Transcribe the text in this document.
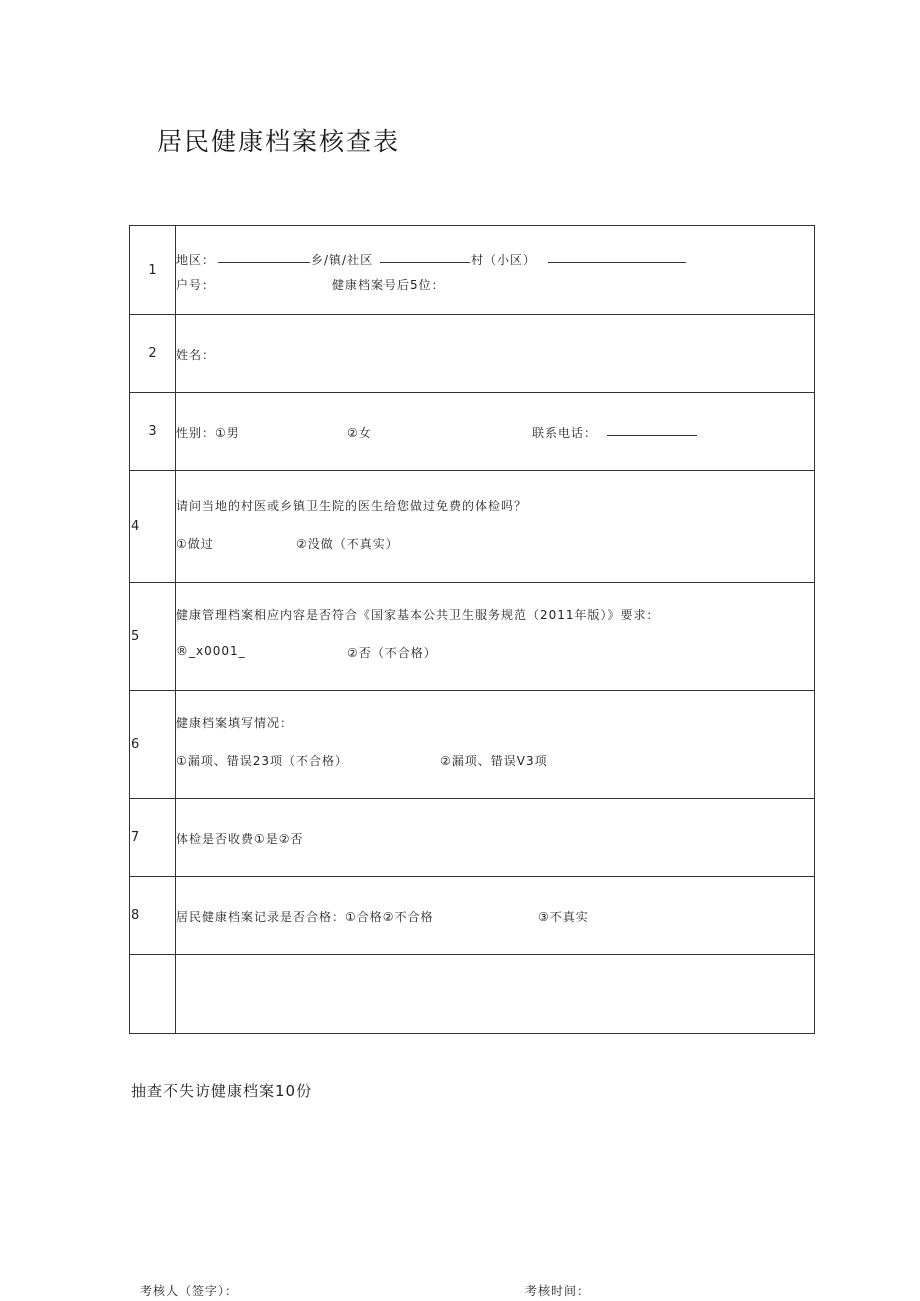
居民健康档案核查表
1	地区： 乡/镇/社区 村（小区）
户号： 健康档案号后5位：

2	姓名：

3	性别：①男 ②女 联系电话：

4	请问当地的村医或乡镇卫生院的医生给您做过免费的体检吗？
①做过 ②没做（不真实）

5	健康管理档案相应内容是否符合《国家基本公共卫生服务规范（2011年版）》要求：
®_x0001_ ②否（不合格）

6	健康档案填写情况：
①漏项、错误23项（不合格） ②漏项、错误V3项

7	体检是否收费①是②否

8	居民健康档案记录是否合格：①合格②不合格 ③不真实

抽查不失访健康档案10份
考核人（签字）：	考核时间：
